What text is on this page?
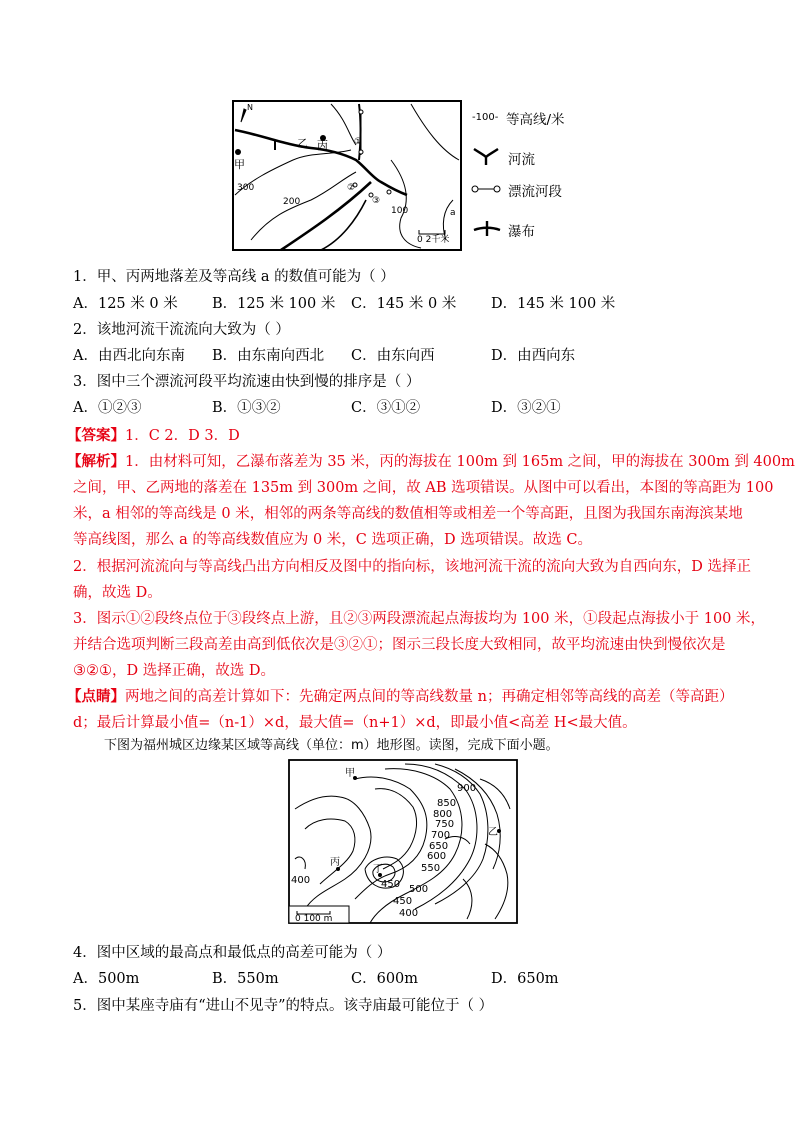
N
甲
乙 丙
300
200
100	a
①
②
③
0 2千米
-100- 等高线/米
河流
漂流河段
瀑布
1．甲、丙两地落差及等高线 a 的数值可能为（ ）
A．125 米 0 米 B．125 米 100 米 C．145 米 0 米 D．145 米 100 米
2．该地河流干流流向大致为（ ）
A．由西北向东南 B．由东南向西北 C．由东向西	D．由西向东
3．图中三个漂流河段平均流速由快到慢的排序是（ ）
A．①②③	B．①③②	C．③①②	D．③②①
【答案】1．C 2．D 3．D
【解析】1．由材料可知，乙瀑布落差为 35 米，丙的海拔在 100m 到 165m 之间，甲的海拔在 300m 到 400m
之间，甲、乙两地的落差在 135m 到 300m 之间，故 AB 选项错误。从图中可以看出，本图的等高距为 100
米，a 相邻的等高线是 0 米，相邻的两条等高线的数值相等或相差一个等高距，且图为我国东南海滨某地
等高线图，那么 a 的等高线数值应为 0 米，C 选项正确，D 选项错误。故选 C。
2．根据河流流向与等高线凸出方向相反及图中的指向标，该地河流干流的流向大致为自西向东，D 选择正
确，故选 D。
3．图示①②段终点位于③段终点上游，且②③两段漂流起点海拔均为 100 米，①段起点海拔小于 100 米，
并结合选项判断三段高差由高到低依次是③②①；图示三段长度大致相同，故平均流速由快到慢依次是
③②①，D 选择正确，故选 D。
【点睛】两地之间的高差计算如下：先确定两点间的等高线数量 n；再确定相邻等高线的高差（等高距）
d；最后计算最小值=（n-1）×d，最大值=（n+1）×d，即最小值<高差 H<最大值。
下图为福州城区边缘某区域等高线（单位：m）地形图。读图，完成下面小题。
甲
乙
丙
丁
900
850
800
750
700
650
600
550
450 500
450
400
400
0 100 m
4．图中区域的最高点和最低点的高差可能为（ ）
A．500m	B．550m	C．600m	D．650m
5．图中某座寺庙有“进山不见寺”的特点。该寺庙最可能位于（ ）
